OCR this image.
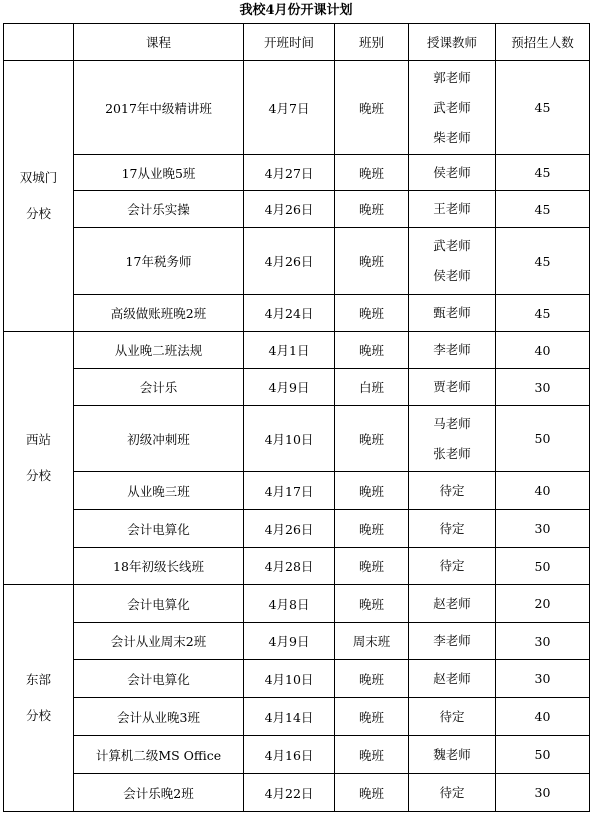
我校4月份开课计划
	课程	开班时间	班别	授课教师	预招生人数

双城门
分校	2017年中级精讲班	4月7日	晚班	郭老师
武老师
柴老师	45
	17从业晚5班	4月27日	晚班	侯老师	45
	会计乐实操	4月26日	晚班	王老师	45
	17年税务师	4月26日	晚班	武老师
侯老师	45
	高级做账班晚2班	4月24日	晚班	甄老师	45

西站
分校	从业晚二班法规	4月1日	晚班	李老师	40
	会计乐	4月9日	白班	贾老师	30
	初级冲刺班	4月10日	晚班	马老师
张老师	50
	从业晚三班	4月17日	晚班	待定	40
	会计电算化	4月26日	晚班	待定	30
	18年初级长线班	4月28日	晚班	待定	50

东部
分校	会计电算化	4月8日	晚班	赵老师	20
	会计从业周末2班	4月9日	周末班	李老师	30
	会计电算化	4月10日	晚班	赵老师	30
	会计从业晚3班	4月14日	晚班	待定	40
	计算机二级MS Office	4月16日	晚班	魏老师	50
	会计乐晚2班	4月22日	晚班	待定	30
